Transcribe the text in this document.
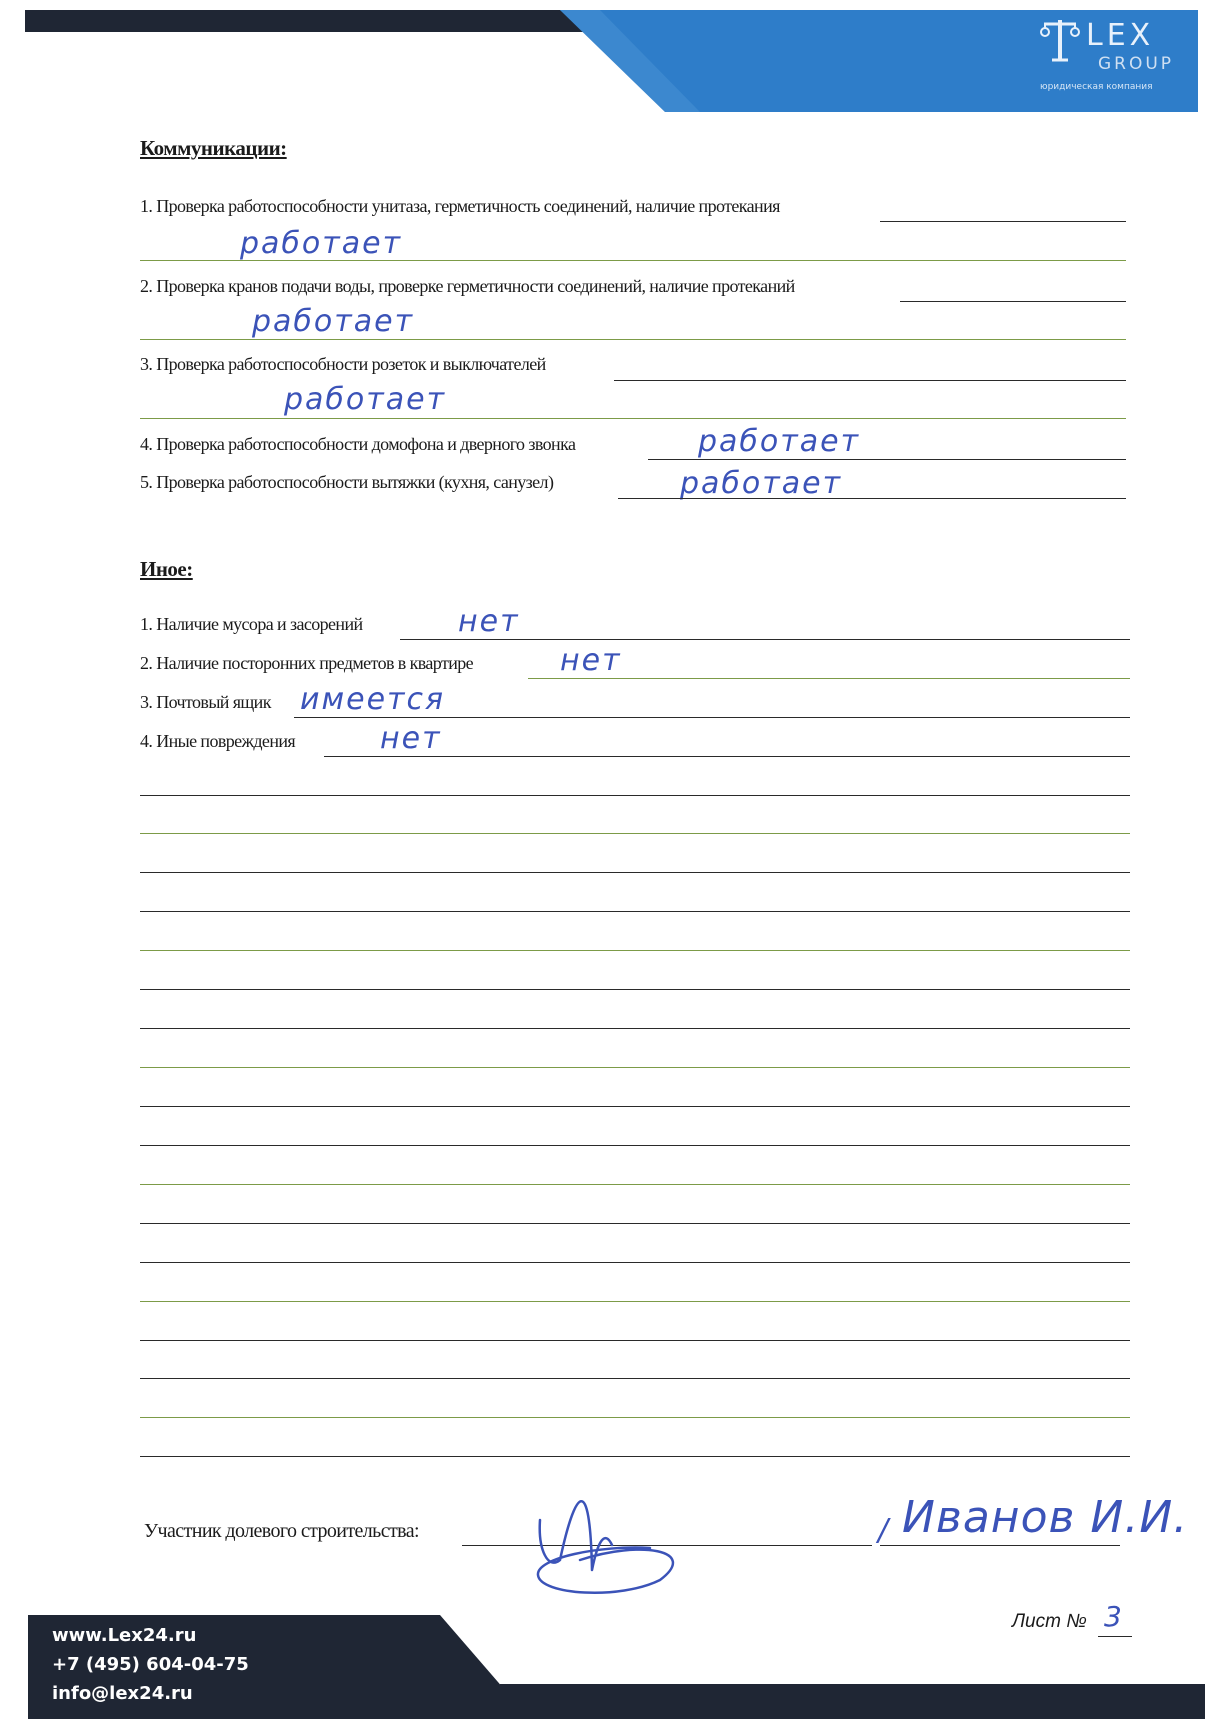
LEX
GROUP
юридическая компания
Коммуникации:
1. Проверка работоспособности унитаза, герметичность соединений, наличие протекания
работает
2. Проверка кранов подачи воды, проверке герметичности соединений, наличие протеканий
работает
3. Проверка работоспособности розеток и выключателей
работает
4. Проверка работоспособности домофона и дверного звонка	работает
5. Проверка работоспособности вытяжки (кухня, санузел)	работает
Иное:
1. Наличие мусора и засорений	нет
2. Наличие посторонних предметов в квартире	нет
3. Почтовый ящик имеется
4. Иные повреждения	нет
Участник долевого строительства:	/ Иванов И.И.
Лист № 3
www.Lex24.ru
+7 (495) 604-04-75
info@lex24.ru
